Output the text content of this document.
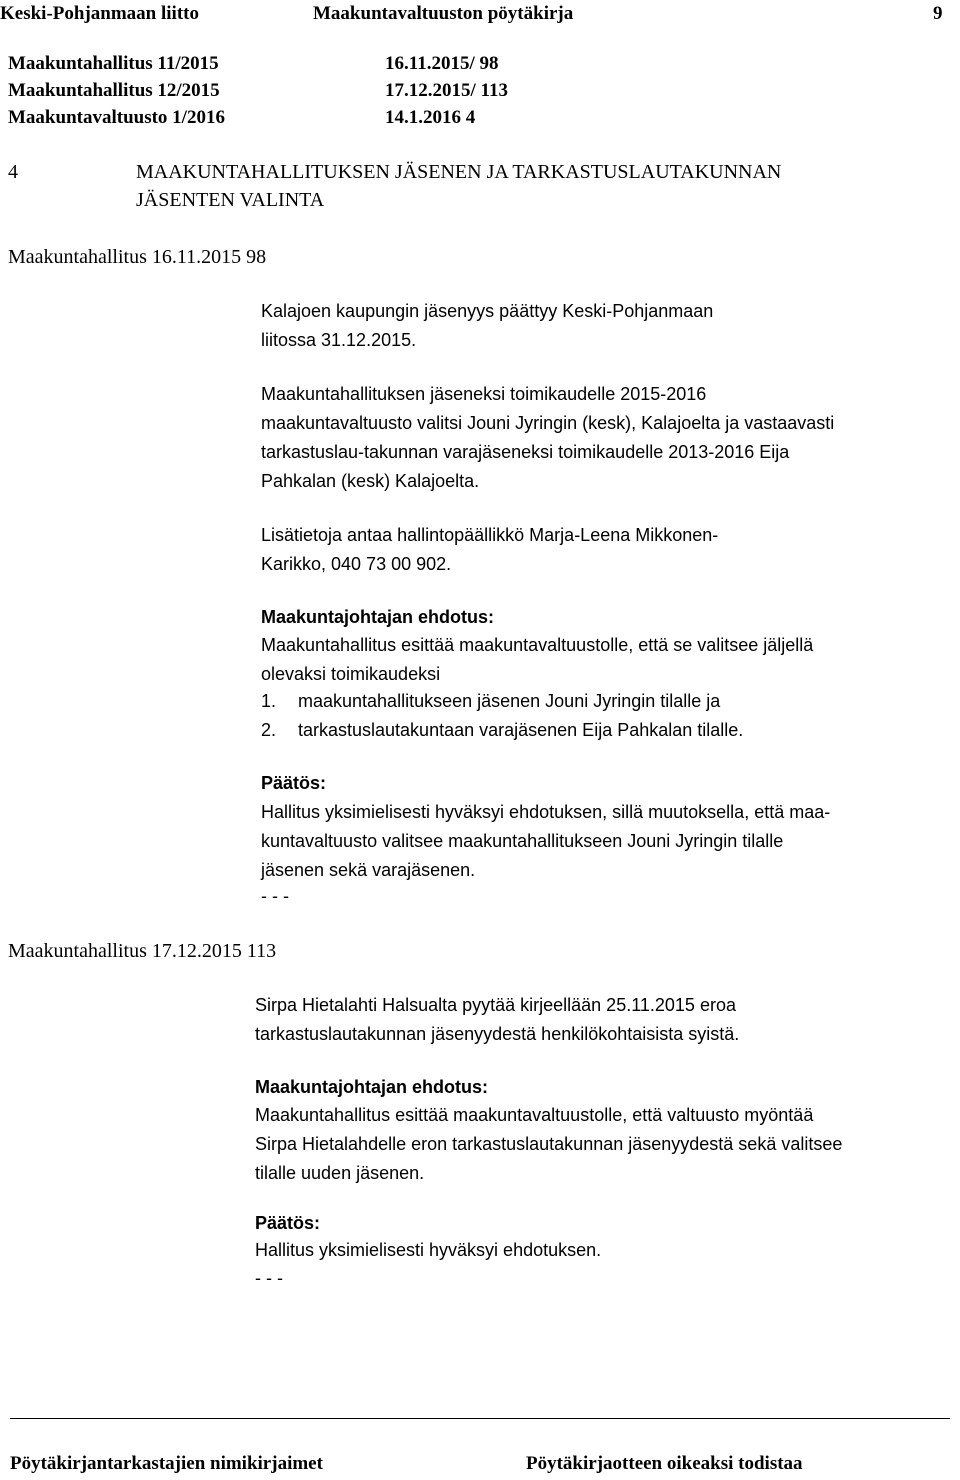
Keski-Pohjanmaan liitto	Maakuntavaltuuston pöytäkirja	9
Maakuntahallitus 11/2015	16.11.2015/ 98
Maakuntahallitus 12/2015	17.12.2015/ 113
Maakuntavaltuusto 1/2016	14.1.2016 4
4	MAAKUNTAHALLITUKSEN JÄSENEN JA TARKASTUSLAUTAKUNNAN
JÄSENTEN VALINTA
Maakuntahallitus 16.11.2015 98
Kalajoen kaupungin jäsenyys päättyy Keski-Pohjanmaan
liitossa 31.12.2015.
Maakuntahallituksen jäseneksi toimikaudelle 2015-2016
maakuntavaltuusto valitsi Jouni Jyringin (kesk), Kalajoelta ja vastaavasti
tarkastuslau-takunnan varajäseneksi toimikaudelle 2013-2016 Eija
Pahkalan (kesk) Kalajoelta.
Lisätietoja antaa hallintopäällikkö Marja-Leena Mikkonen-
Karikko, 040 73 00 902.
Maakuntajohtajan ehdotus:
Maakuntahallitus esittää maakuntavaltuustolle, että se valitsee jäljellä
olevaksi toimikaudeksi
1. maakuntahallitukseen jäsenen Jouni Jyringin tilalle ja
2. tarkastuslautakuntaan varajäsenen Eija Pahkalan tilalle.
Päätös:
Hallitus yksimielisesti hyväksyi ehdotuksen, sillä muutoksella, että maa-
kuntavaltuusto valitsee maakuntahallitukseen Jouni Jyringin tilalle
jäsenen sekä varajäsenen.
- - -
Maakuntahallitus 17.12.2015 113
Sirpa Hietalahti Halsualta pyytää kirjeellään 25.11.2015 eroa
tarkastuslautakunnan jäsenyydestä henkilökohtaisista syistä.
Maakuntajohtajan ehdotus:
Maakuntahallitus esittää maakuntavaltuustolle, että valtuusto myöntää
Sirpa Hietalahdelle eron tarkastuslautakunnan jäsenyydestä sekä valitsee
tilalle uuden jäsenen.
Päätös:
Hallitus yksimielisesti hyväksyi ehdotuksen.
- - -
Pöytäkirjantarkastajien nimikirjaimet	Pöytäkirjaotteen oikeaksi todistaa
